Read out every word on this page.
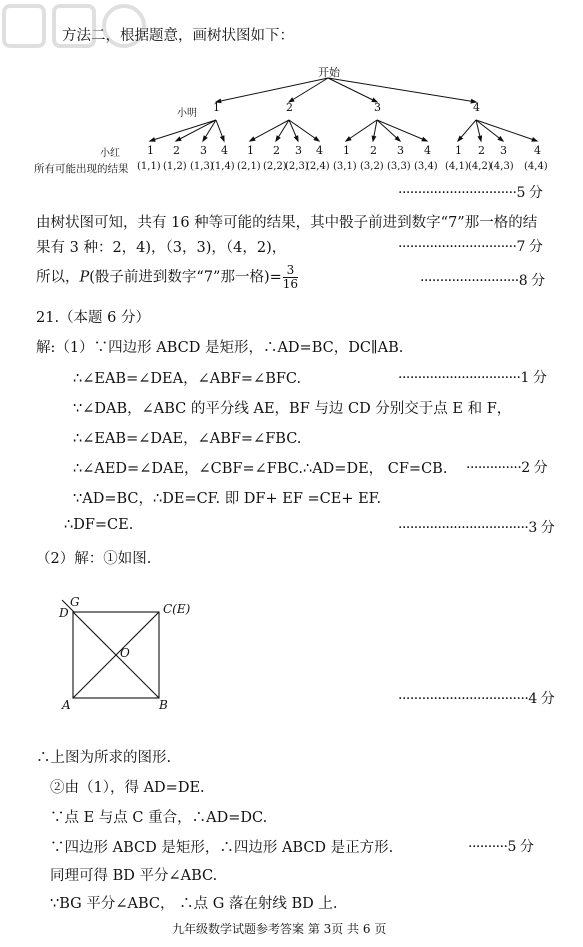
方法二，根据题意，画树状图如下：
开始
小明
小红
所有可能出现的结果
1	2	3	4
1 2 3 4 1 2 3 4 1 2 3 4 1 2 3 4
(1,1) (1,2) (1,3)
(1,4) (2,1) (2,2)
(2,3)
(2,4) (3,1) (3,2) (3,3) (3,4) (4,1) (4,2)
(4,3) (4,4)
······························5 分
由树状图可知，共有 16 种等可能的结果，其中骰子前进到数字“7”那一格的结
果有 3 种：2，4)，（3，3)，（4，2)，	······························7 分
所以，P(骰子前进到数字“7”那一格)= $\frac{3}{16}$	·························8 分
21.（本题 6 分）
解:（1）∵四边形 ABCD 是矩形，∴AD=BC，DC∥AB.
∴∠EAB=∠DEA，∠ABF=∠BFC.	·······························1 分
∵∠DAB，∠ABC 的平分线 AE，BF 与边 CD 分别交于点 E 和 F，
∴∠EAB=∠DAE，∠ABF=∠FBC.
∴∠AED=∠DAE，∠CBF=∠FBC.∴AD=DE， CF=CB. ··············2 分
∵AD=BC，∴DE=CF. 即 DF+ EF =CE+ EF.
∴DF=CE.	·································3 分
（2）解：①如图.
G
D	C(E)
O
A	B	·································4 分
∴上图为所求的图形.
②由（1），得 AD=DE.
∵点 E 与点 C 重合，∴AD=DC.
∵四边形 ABCD 是矩形，∴四边形 ABCD 是正方形.	··········5 分
同理可得 BD 平分∠ABC.
∵BG 平分∠ABC， ∴点 G 落在射线 BD 上.
九年级数学试题参考答案 第 3页 共 6 页
